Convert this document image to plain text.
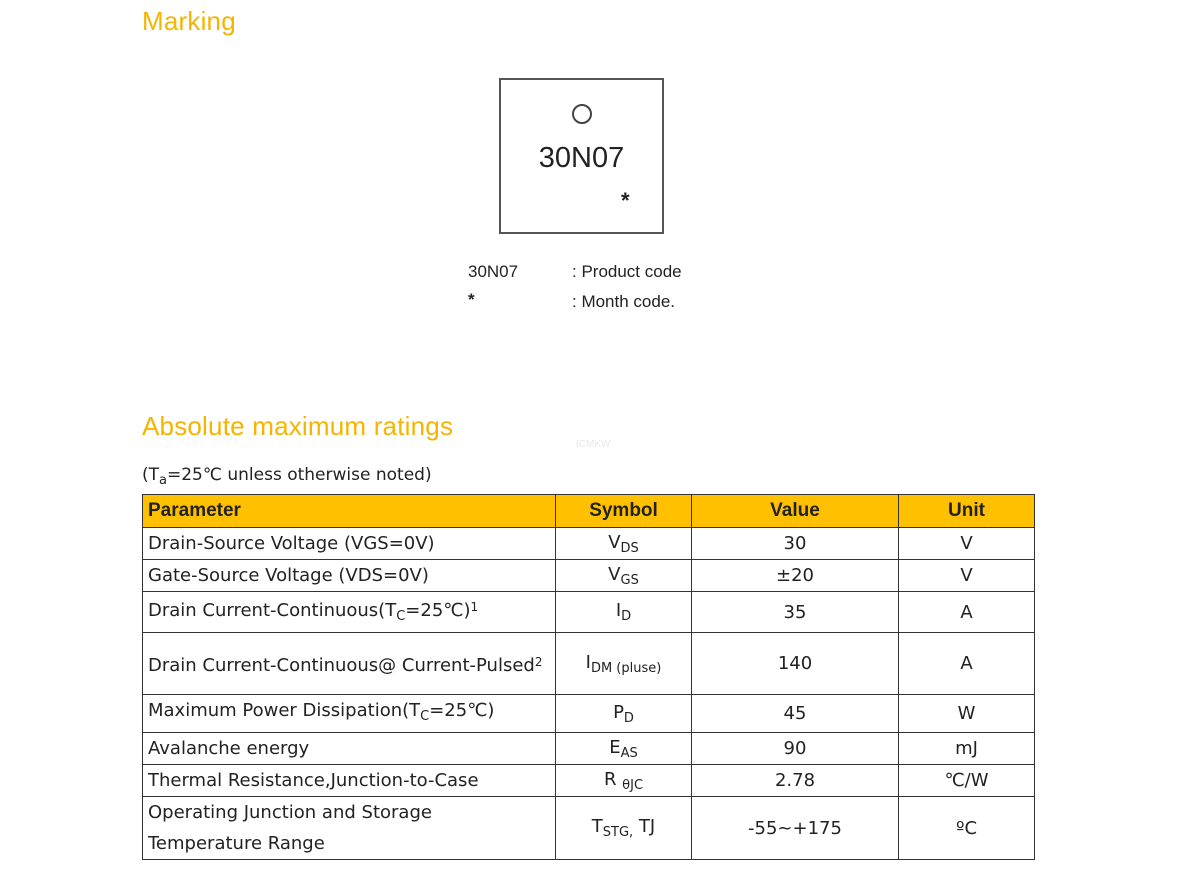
Marking
30N07
*
30N07	: Product code
*	: Month code.
Absolute maximum ratings
ICMKW
($T_a=25℃$ unless otherwise noted)
Parameter	Symbol	Value	Unit
Drain-Source Voltage (VGS=0V)	$V_{DS}$	30	V
Gate-Source Voltage (VDS=0V)	$V_{GS}$	±20	V
Drain Current-$Continuous(T_C=25℃)^1$	$I_D$	35	A
Drain Current-Continuous@ Current-Pulsed$^2$	$I_{DM (pluse)}$	140	A
Maximum Power $Dissipation(T_C=25℃)$	$P_D$	45	W
Avalanche energy	$E_{AS}$	90	mJ
Thermal Resistance,Junction-to-Case	R $_{\theta JC}$	2.78	℃/W
Operating Junction and Storage Temperature Range	$T_{STG,}$ TJ	-55~+175	ºC
